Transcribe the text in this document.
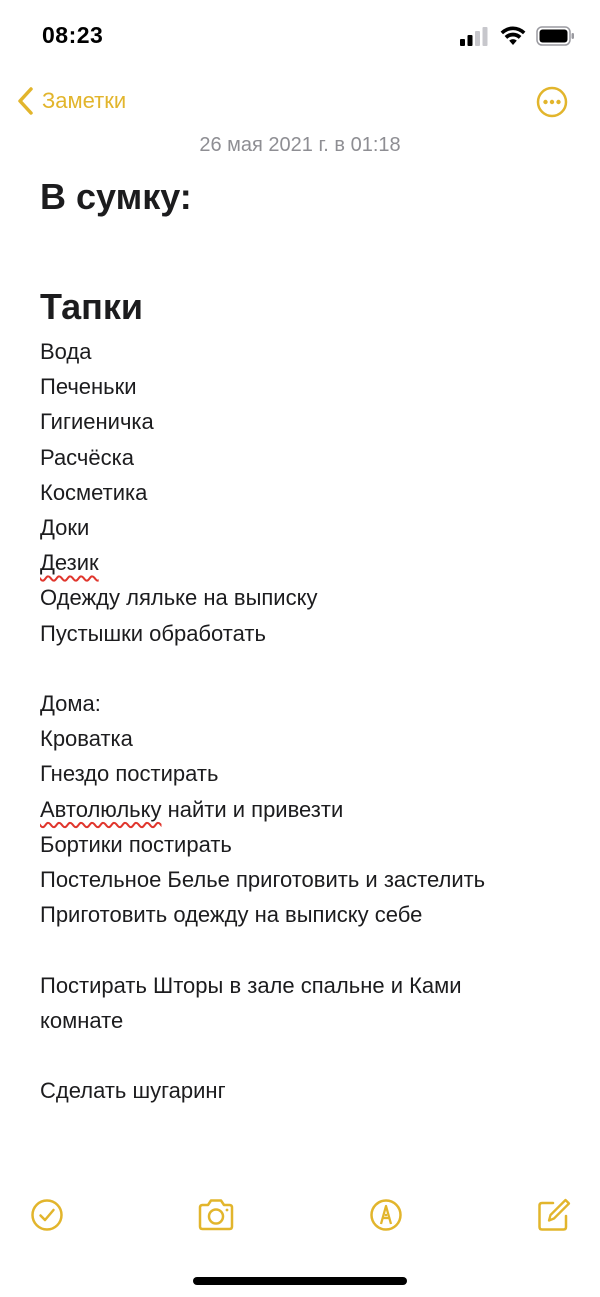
08:23
Заметки
26 мая 2021 г. в 01:18

В сумку:

Тапки

Вода

Печеньки

Гигиеничка

Расчёска

Косметика

Доки

Дезик

Одежду ляльке на выписку

Пустышки обработать

Дома:

Кроватка

Гнездо постирать

Автолюльку найти и привезти

Бортики постирать

Постельное Белье приготовить и застелить

Приготовить одежду на выписку себе

Постирать Шторы в зале спальне и Ками

комнате

Сделать шугаринг
